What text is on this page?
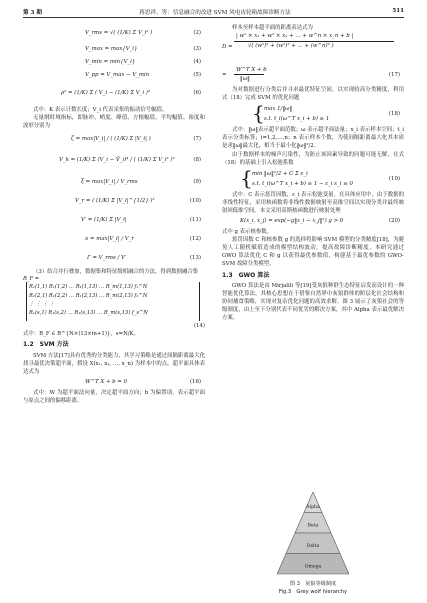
第 3 期	蒋思祥，等：信息融合的改进 SVM 风电齿轮箱故障诊断方法	511
V_rms = √( (1/K) Σ V_i² )	(2)
V_max = max{V_i}	(3)
V_min = min{V_i}	(4)
V_pp = V_max − V_min	(5)
ρ² = (1/K) Σ ( V_i − (1/K) Σ V_i )²	(6)

式中：K 表示计数长度；V_i 代表采集的振动信号幅值。

无量纲时域指标，即脉冲、峭度、峰值、方根幅值、平均幅值、裕度和波形分别为

ζ = max|V_i| / ( (1/K) Σ |V_i| )	(7)
V_k = (1/K) Σ (V_i − V̄_i)⁴ / ( (1/K) Σ V_i² )²	(8)
ξ = max|V_i| / V_rms	(9)
V_r = ( (1/K) Σ |V_i|^{1/2} )²	(10)
V′ = (1/K) Σ |V_i|	(11)
υ = max|V_i| / V_r	(12)
Γ = V_rms / V′	(13)

（3）结合并行叠加，数据集和特征级相融合的方法，得到数据融合集

R_F =
R₁(1,1) R₁(1,2) … R₁(1,13) … R_m(1,13) f₁^N
R₁(2,1) R₁(2,2) … R₁(2,13) … R_m(2,13) f₂^N
⋮ ⋮ ⋮ ⋮
R₁(s,1) R₁(s,2) … R₁(s,13) … R_m(s,13) f_s^N
(14)

式中：R_F ∈ R^{N×(13×m+1)}，s=N/K。

1.2　SVM 方法

SVM 方法[17]具有优秀的分类能力，其学习策略是通过间隔距离最大化找寻最优决策超平面，假设 X(x₁, x₂, …, x_n) 为样本中的点，超平面具体表达式为

W^T X + b = 0	(16)

式中：W 为超平面法向量，决定超平面方向；b 为偏置项，表示超平面与原点之间的偏移距离。

样本至样本超平面的距离表达式为

D =
| w¹ × x₁ + w² × x₂ + … + w^n × x_n + b |
√( (w¹)² + (w²)² + … + (w^n)² )
=
W^T X + b
‖ω‖
(17)

为对数据进行分类后并寻求最优特征空间，以实现较高分类精度，利用式（18）完成 SVM 的优化问题

{ max 1/‖ω‖
s.t. t_i(ω^T x_i + b) ≥ 1
(18)

式中：‖ω‖表示超平面范数；ω 表示超平面法量；x_i 表示样本空间；t_i 表示分类标签；i=1,2,…,n；n 表示样本个数，为使间隔距离最大化其本质是求‖ω‖最大化，相当于最小化‖ω‖²/2。

由于数据样本的噪声污染性，为防止该因素导致的问题可能无解，在式（18）的基础上引入松弛系数

{ min ‖ω‖²/2 + C Σ ε_i
s.t. t_i(ω^T x_i + b) ≥ 1 − ε_i ε_i ≥ 0
(19)

式中：C 表示惩罚因数，ε_i 表示松弛变量。在具体应用中，由于数据的非线性特征，采用核函数将非线性数据映射至高维空间以实现分类并最终映射回低维空间。本文采用高斯核函数进行映射处理

K(x_i, x_j) = exp(−g‖x_i − x_j‖²) g > 0	(20)

式中 g 表示核参数。

惩罚因数 C 和核参数 g 的选择将影响 SVM 模型的分类精度[18]，为避免人工随机赋值造成的模型结构波动，提高故障诊断精度，本研究通过 GWO 算法优化 C 和 g 以获得最优参数值，构建基于最优参数的 GWO-SVM 故障分类模型。

1.3　GWO 算法

GWO 算法是由 Mirjalili 等[19]受灰狼种群生态特征启发而设计的一种智能优化算法，其核心思想在于借鉴自然界中灰狼群体的阶层化社会结构和协同捕食策略，实现对复杂优化问题的高效求解。图 3 展示了灰狼社会的等级制度，由上至下分别代表不同优劣的解决方案，其中 Alpha 表示最优解决方案。

Alpha
Beta
Delta
Omega
图 3　灰狼等级制度
Fig.3　Grey wolf hierarchy
